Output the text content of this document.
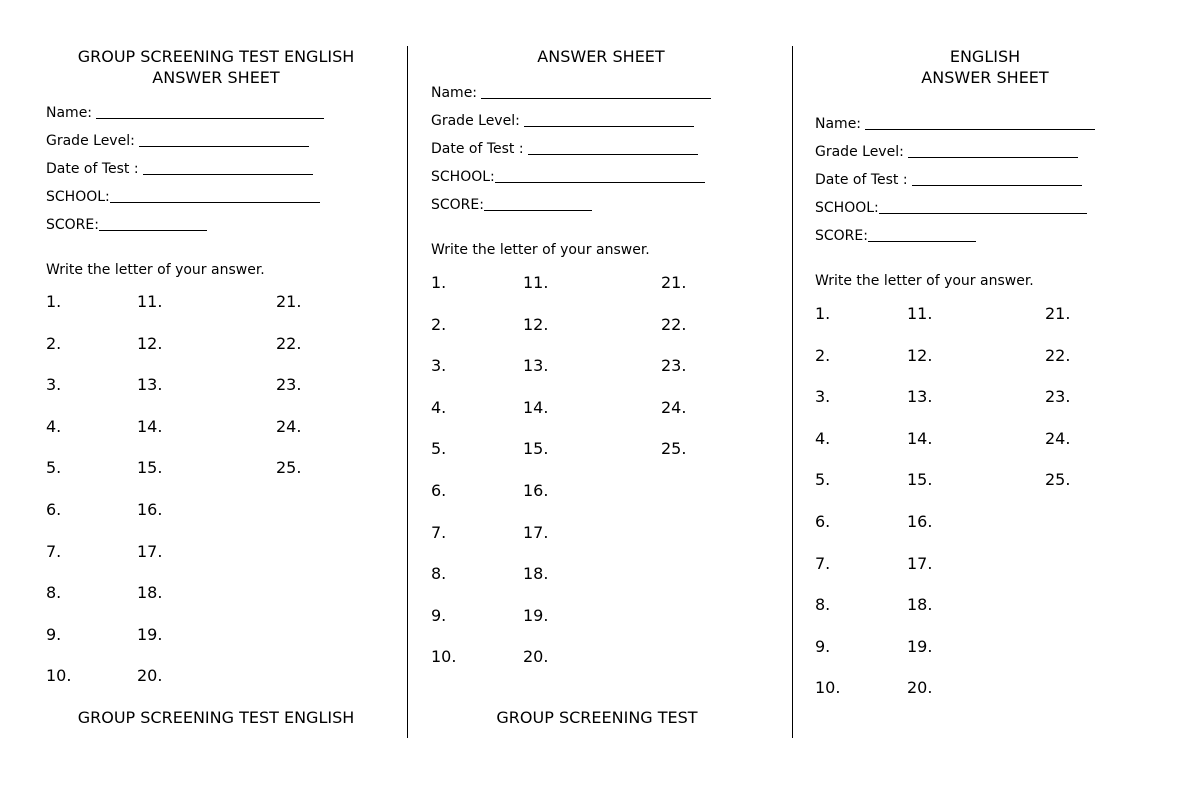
GROUP SCREENING TEST ENGLISH
ANSWER SHEET
Name:
Grade Level:
Date of Test :
SCHOOL:
SCORE:
Write the letter of your answer.
1.
2.
3.
4.
5.
6.
7.
8.
9.
10.
11.
12.
13.
14.
15.
16.
17.
18.
19.
20.
21.
22.
23.
24.
25.
GROUP SCREENING TEST ENGLISH
ANSWER SHEET
Name:
Grade Level:
Date of Test :
SCHOOL:
SCORE:
Write the letter of your answer.
1.
2.
3.
4.
5.
6.
7.
8.
9.
10.
11.
12.
13.
14.
15.
16.
17.
18.
19.
20.
21.
22.
23.
24.
25.
GROUP SCREENING TEST
ENGLISH
ANSWER SHEET
Name:
Grade Level:
Date of Test :
SCHOOL:
SCORE:
Write the letter of your answer.
1.
2.
3.
4.
5.
6.
7.
8.
9.
10.
11.
12.
13.
14.
15.
16.
17.
18.
19.
20.
21.
22.
23.
24.
25.
